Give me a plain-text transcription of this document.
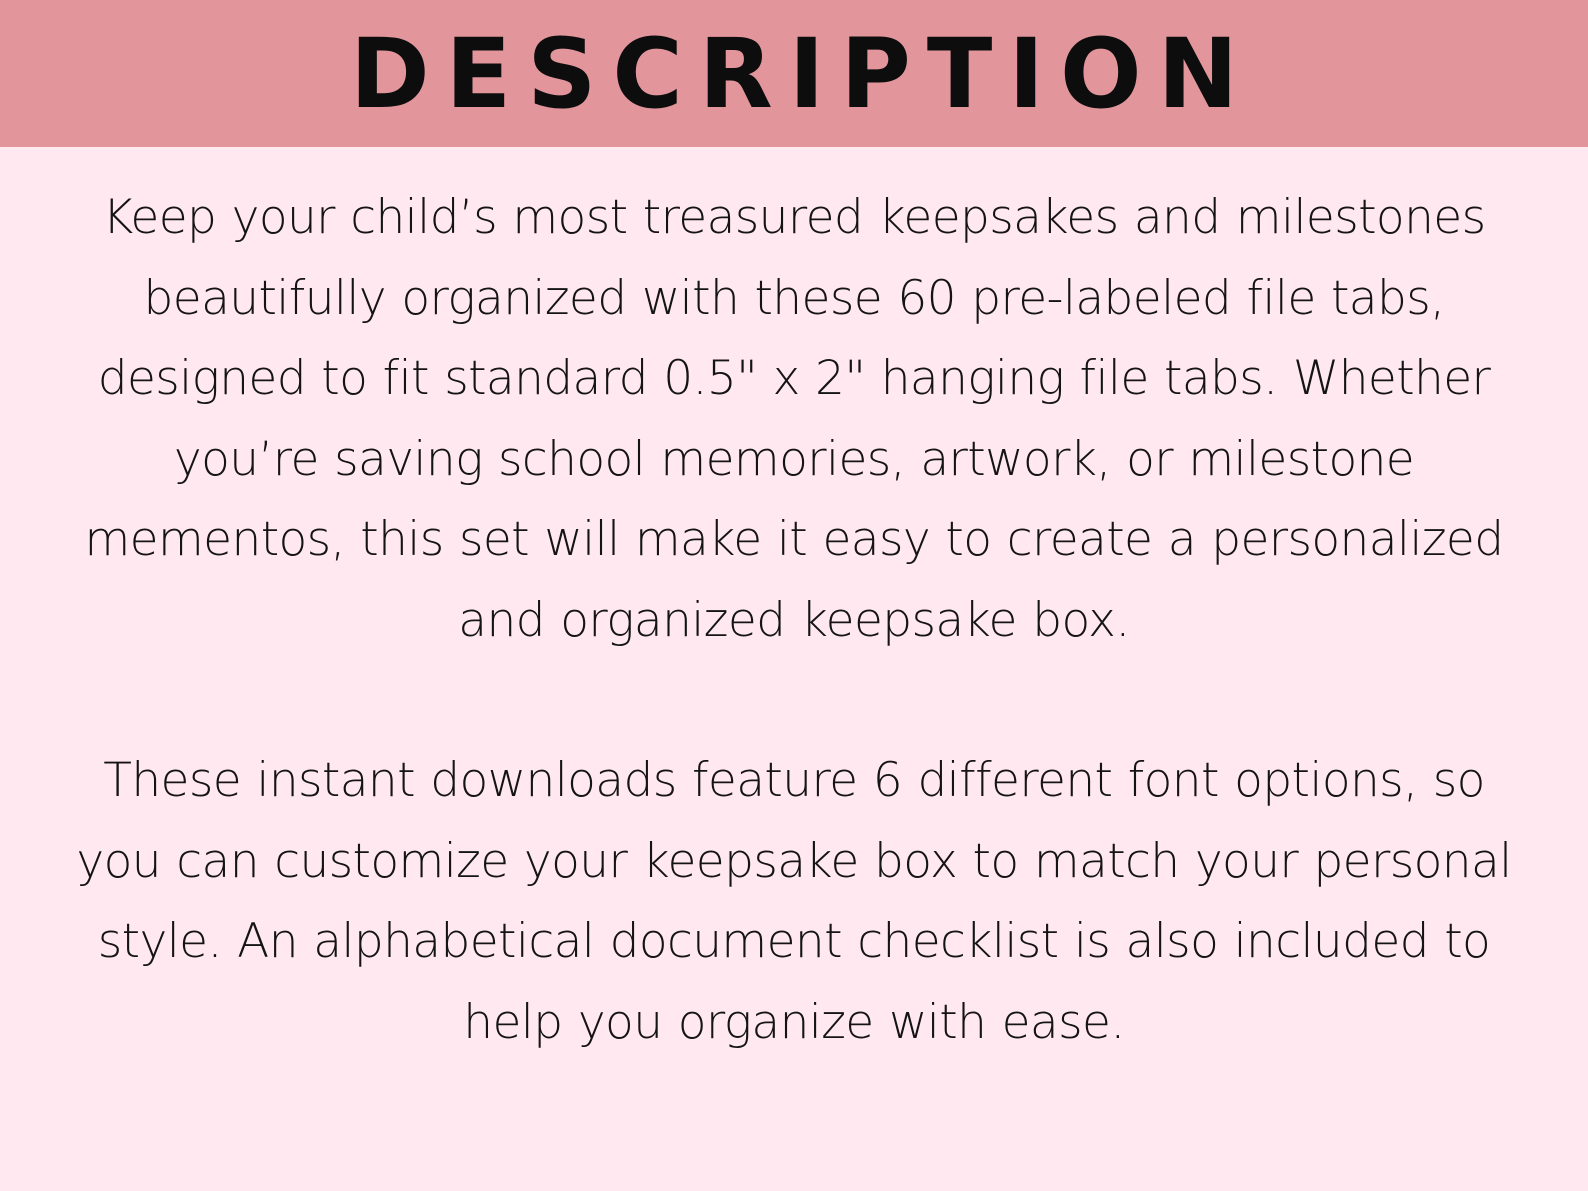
DESCRIPTION

Keep your child’s most treasured keepsakes and milestones beautifully organized with these 60 pre-labeled file tabs, designed to fit standard 0.5" x 2" hanging file tabs. Whether you’re saving school memories, artwork, or milestone mementos, this set will make it easy to create a personalized and organized keepsake box.

These instant downloads feature 6 different font options, so you can customize your keepsake box to match your personal style. An alphabetical document checklist is also included to help you organize with ease.
